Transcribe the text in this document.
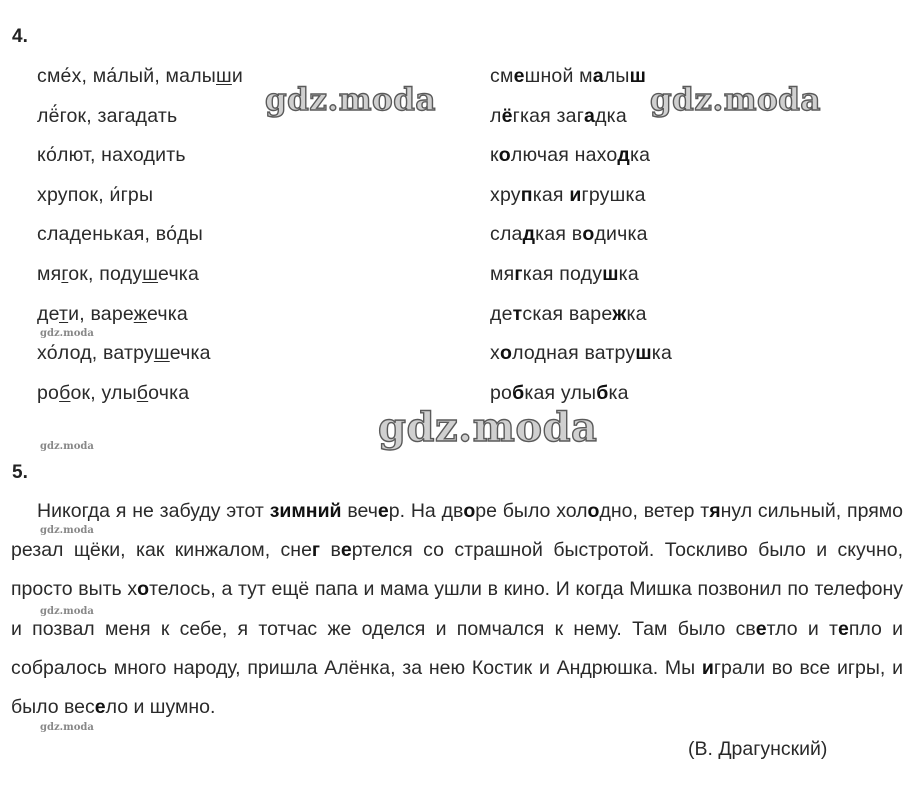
4.
сме́х, ма́лый, малыши
лё́гок, загадать
ко́лют, находить
хрупок, и́гры
сладенькая, во́ды
мягок, подушечка
дети, варежечка
хо́лод, ватрушечка
робок, улыбочка
смешной малыш
лёгкая загадка
колючая находка
хрупкая игрушка
сладкая водичка
мягкая подушка
детская варежка
холодная ватрушка
робкая улыбка
5.
Никогда я не забуду этот зимний вечер. На дворе было холодно, ветер тянул сильный, прямо резал щёки, как кинжалом, снег вертелся со страшной быстротой. Тоскливо было и скучно, просто выть хотелось, а тут ещё папа и мама ушли в кино. И когда Мишка позвонил по телефону и позвал меня к себе, я тотчас же оделся и помчался к нему. Там было светло и тепло и собралось много народу, пришла Алёнка, за нею Костик и Андрюшка. Мы играли во все игры, и было весело и шумно.
(В. Драгунский)
gdz.moda	gdz.moda
gdz.moda
gdz.moda
gdz.moda
gdz.moda
gdz.moda
gdz.moda
